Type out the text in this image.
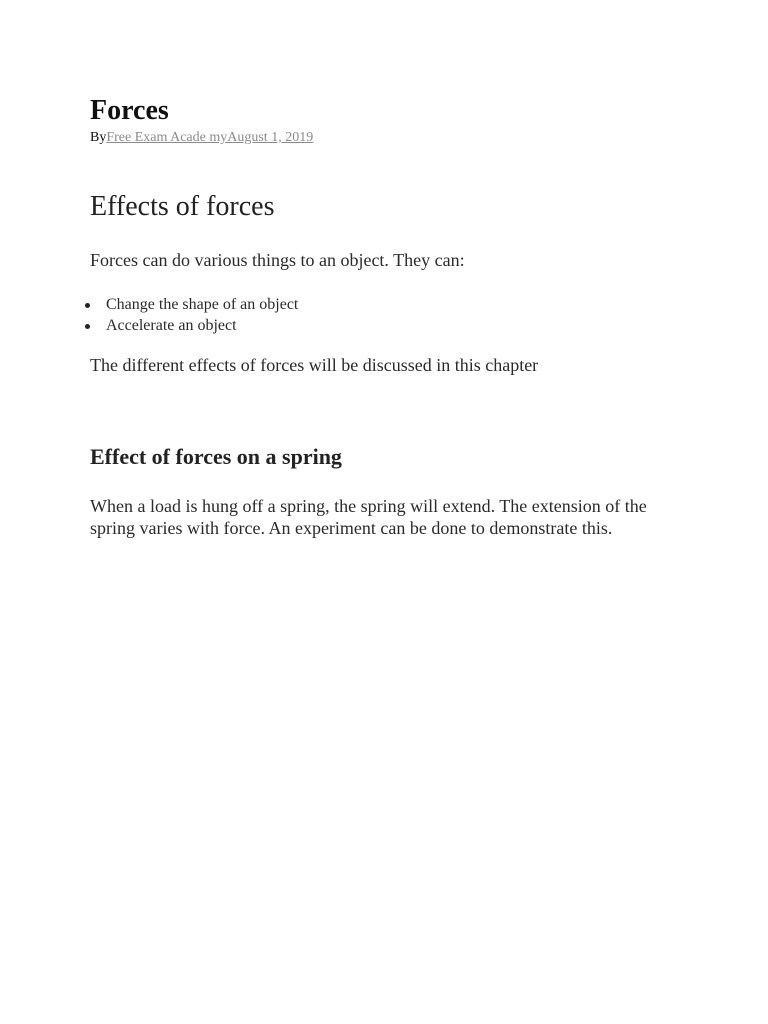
Forces
ByFree Exam Acade myAugust 1, 2019
Effects of forces

Forces can do various things to an object. They can:

Change the shape of an object
Accelerate an object

The different effects of forces will be discussed in this chapter

Effect of forces on a spring

When a load is hung off a spring, the spring will extend. The extension of the
spring varies with force. An experiment can be done to demonstrate this.
